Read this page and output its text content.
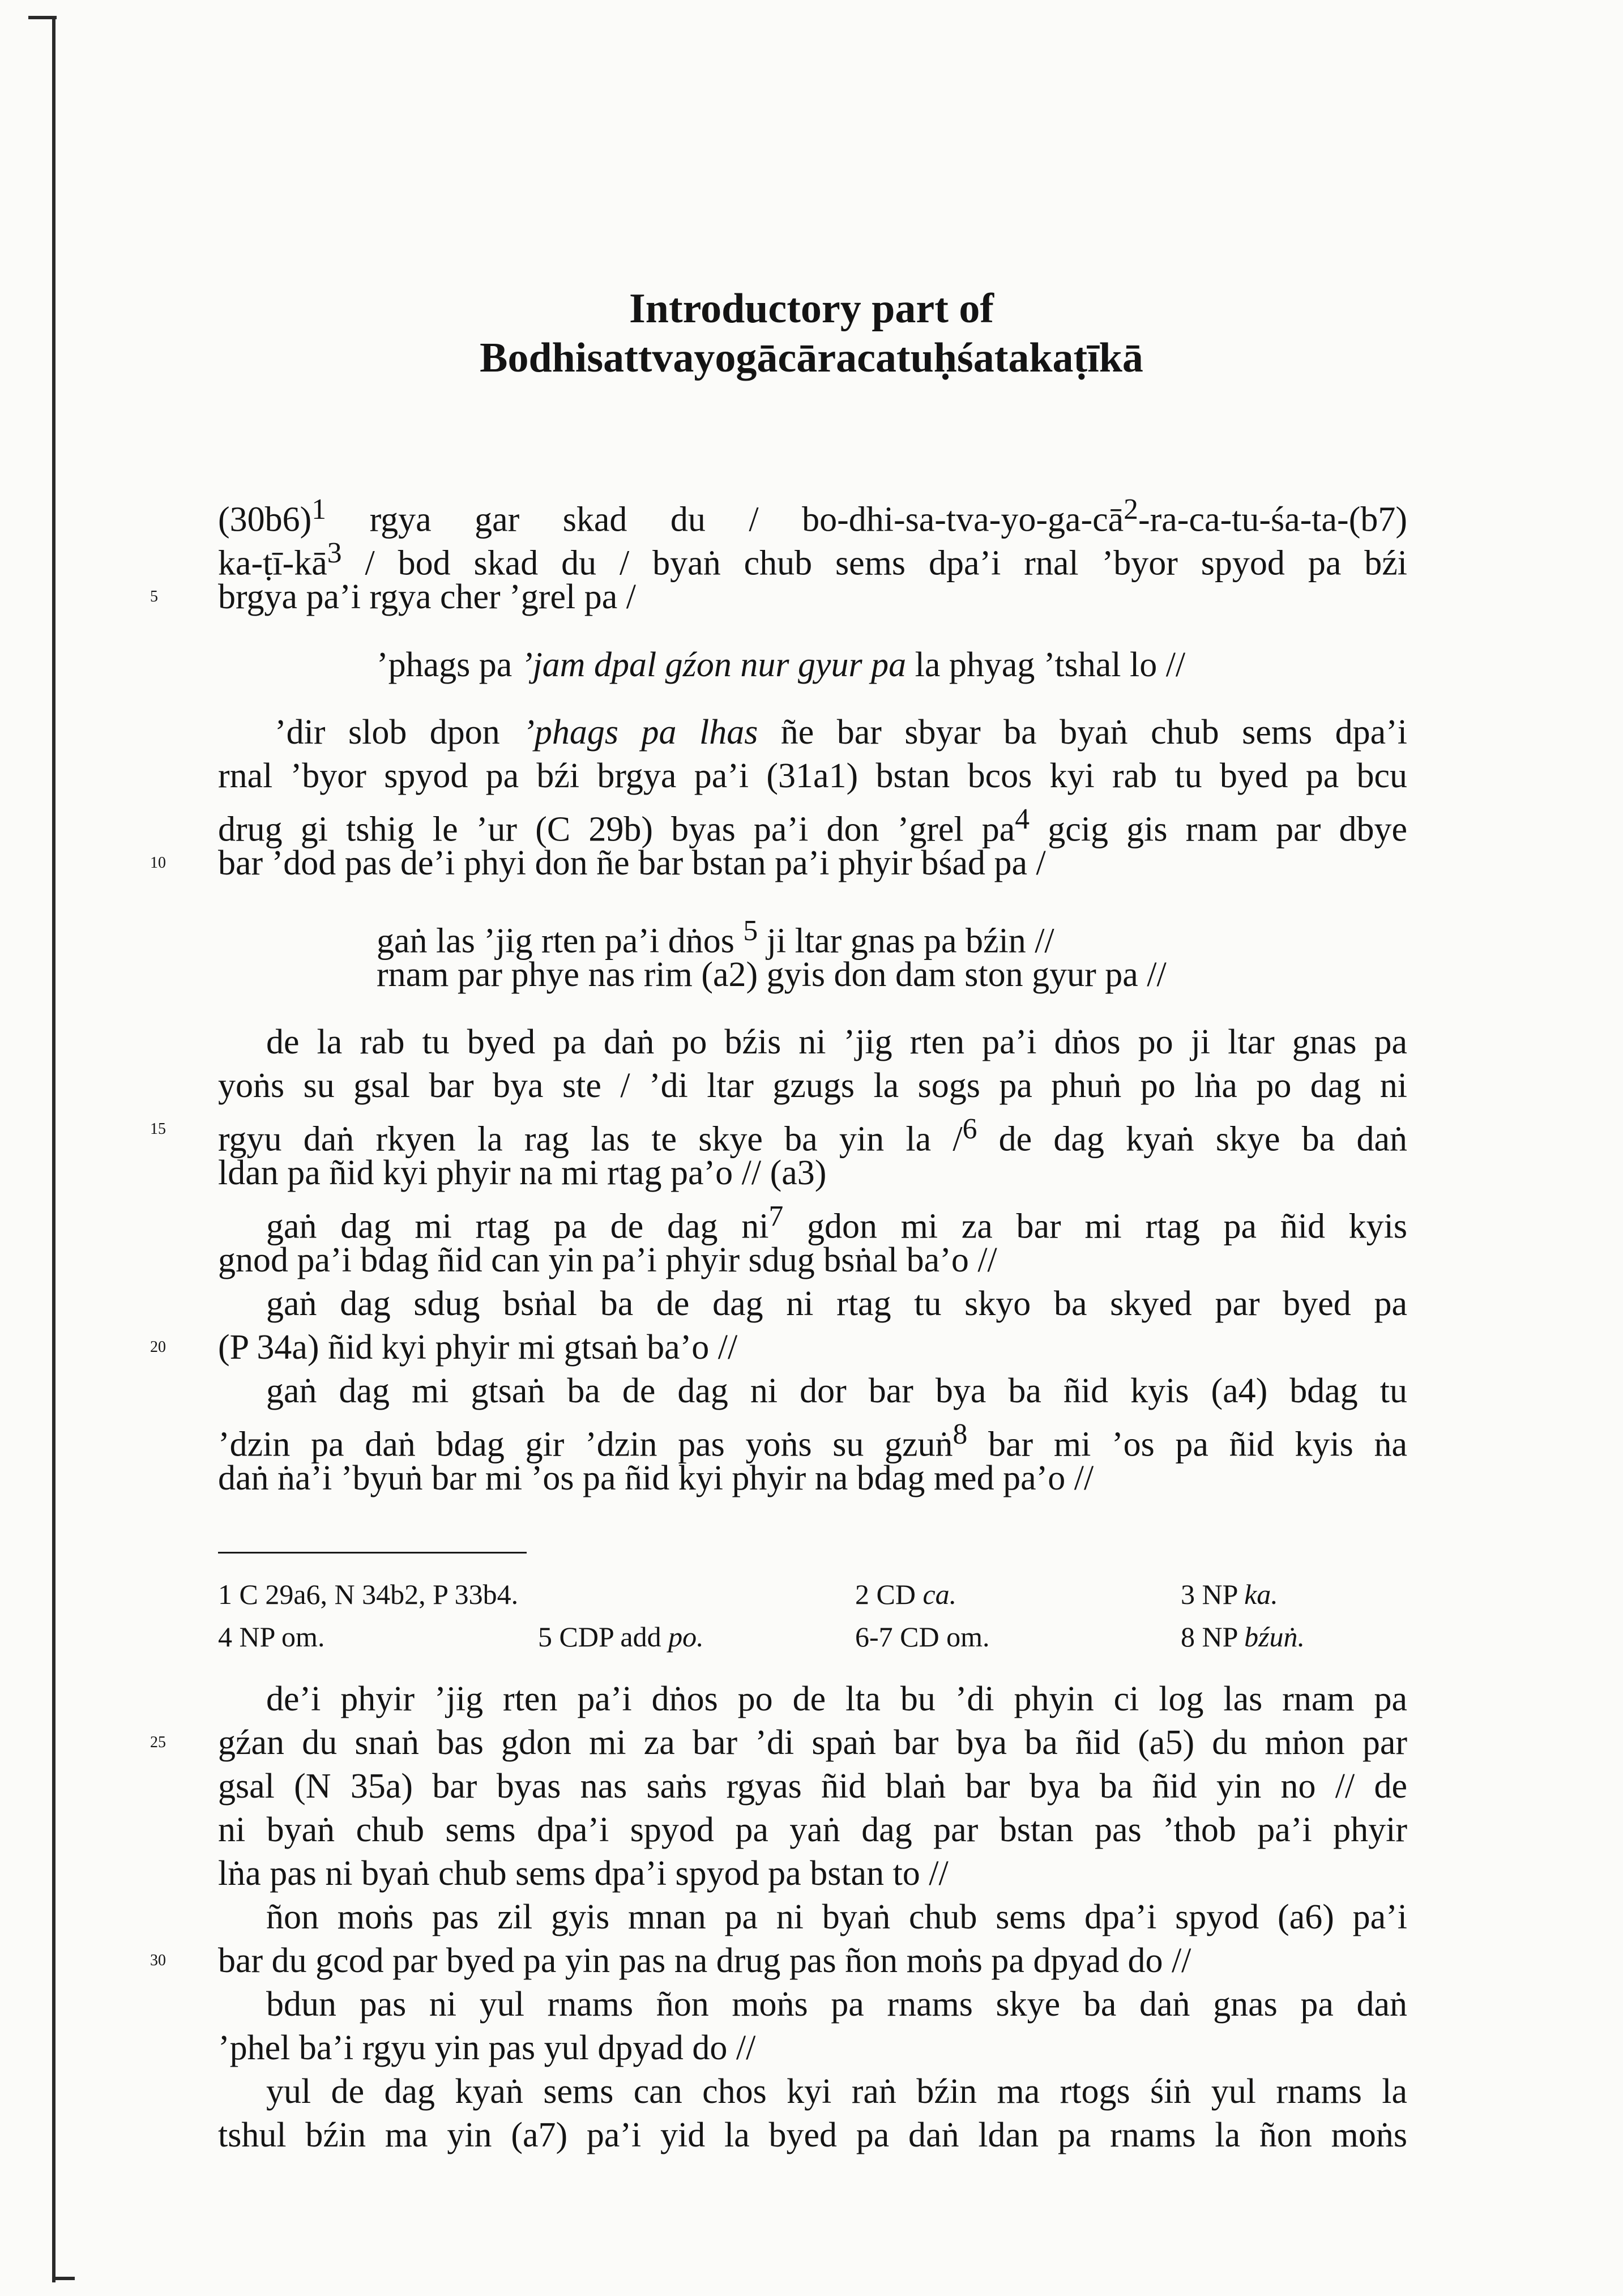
Introductory part of
Bodhisattvayogācāracatuḥśatakaṭīkā
$(30b6)^1$ rgya gar skad du / $bo-dhi-sa-tva-yo-ga-cā^2-ra-ca-tu-śa-ta-(b7)$
$ka-ṭī-kā^3$ / bod skad du / byaṅ chub sems dpa’i rnal ’byor spyod pa bźi
5 brgya pa’i rgya cher ’grel pa /
’phags pa ’jam dpal gźon nur gyur pa la phyag ’tshal lo //
’dir slob dpon ’phags pa lhas ñe bar sbyar ba byaṅ chub sems dpa’i
rnal ’byor spyod pa bźi brgya pa’i (31a1) bstan bcos kyi rab tu byed pa bcu
drug gi tshig le ’ur (C 29b) byas pa’i don ’grel $pa^4$ gcig gis rnam par dbye
10 bar ’dod pas de’i phyi don ñe bar bstan pa’i phyir bśad pa /
gaṅ las ’jig rten pa’i dṅos $^5$ ji ltar gnas pa bźin //
rnam par phye nas rim (a2) gyis don dam ston gyur pa //
de la rab tu byed pa daṅ po bźis ni ’jig rten pa’i dṅos po ji ltar gnas pa
yoṅs su gsal bar bya ste / ’di ltar gzugs la sogs pa phuṅ po lṅa po dag ni
15 rgyu daṅ rkyen la rag las te skye ba yin la /$^6$ de dag kyaṅ skye ba daṅ
ldan pa ñid kyi phyir na mi rtag pa’o // (a3)
gaṅ dag mi rtag pa de dag $ni^7$ gdon mi za bar mi rtag pa ñid kyis
gnod pa’i bdag ñid can yin pa’i phyir sdug bsṅal ba’o //
gaṅ dag sdug bsṅal ba de dag ni rtag tu skyo ba skyed par byed pa
20 (P 34a) ñid kyi phyir mi gtsaṅ ba’o //
gaṅ dag mi gtsaṅ ba de dag ni dor bar bya ba ñid kyis (a4) bdag tu
’dzin pa daṅ bdag gir ’dzin pas yoṅs su gzuṅ$^8$ bar mi ’os pa ñid kyis ṅa
daṅ ṅa’i ’byuṅ bar mi ’os pa ñid kyi phyir na bdag med pa’o //
1 C 29a6, N 34b2, P 33b4.	2 CD ca.	3 NP ka.
4 NP om.	5 CDP add po.	6-7 CD om.	8 NP bźuṅ.
de’i phyir ’jig rten pa’i dṅos po de lta bu ’di phyin ci log las rnam pa
25 gźan du snaṅ bas gdon mi za bar ’di spaṅ bar bya ba ñid (a5) du mṅon par
gsal (N 35a) bar byas nas saṅs rgyas ñid blaṅ bar bya ba ñid yin no // de
ni byaṅ chub sems dpa’i spyod pa yaṅ dag par bstan pas ’thob pa’i phyir
lṅa pas ni byaṅ chub sems dpa’i spyod pa bstan to //
ñon moṅs pas zil gyis mnan pa ni byaṅ chub sems dpa’i spyod (a6) pa’i
30 bar du gcod par byed pa yin pas na drug pas ñon moṅs pa dpyad do //
bdun pas ni yul rnams ñon moṅs pa rnams skye ba daṅ gnas pa daṅ
’phel ba’i rgyu yin pas yul dpyad do //
yul de dag kyaṅ sems can chos kyi raṅ bźin ma rtogs śiṅ yul rnams la
tshul bźin ma yin (a7) pa’i yid la byed pa daṅ ldan pa rnams la ñon moṅs
